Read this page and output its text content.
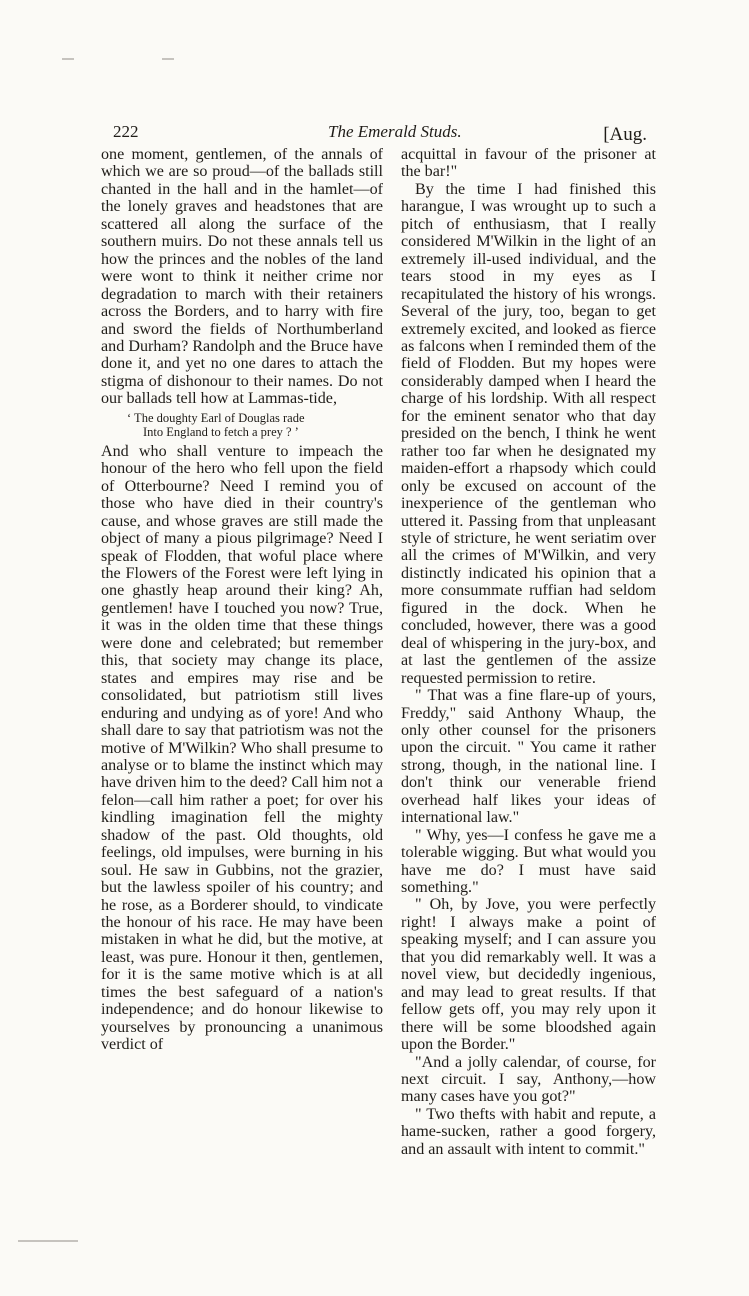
222	The Emerald Studs.	[Aug.

one moment, gentlemen, of the annals of which we are so proud—of the ballads still chanted in the hall and in the hamlet—of the lonely graves and headstones that are scattered all along the surface of the southern muirs. Do not these annals tell us how the princes and the nobles of the land were wont to think it neither crime nor degradation to march with their retainers across the Borders, and to harry with fire and sword the fields of Northumberland and Durham? Randolph and the Bruce have done it, and yet no one dares to attach the stigma of dishonour to their names. Do not our ballads tell how at Lammas-tide,

‘ The doughty Earl of Douglas rade
Into England to fetch a prey ? ’

And who shall venture to impeach the honour of the hero who fell upon the field of Otterbourne? Need I remind you of those who have died in their country's cause, and whose graves are still made the object of many a pious pilgrimage? Need I speak of Flodden, that woful place where the Flowers of the Forest were left lying in one ghastly heap around their king? Ah, gentlemen! have I touched you now? True, it was in the olden time that these things were done and celebrated; but remember this, that society may change its place, states and empires may rise and be consolidated, but patriotism still lives enduring and undying as of yore! And who shall dare to say that patriotism was not the motive of M'Wilkin? Who shall presume to analyse or to blame the instinct which may have driven him to the deed? Call him not a felon—call him rather a poet; for over his kindling imagination fell the mighty shadow of the past. Old thoughts, old feelings, old impulses, were burning in his soul. He saw in Gubbins, not the grazier, but the lawless spoiler of his country; and he rose, as a Borderer should, to vindicate the honour of his race. He may have been mistaken in what he did, but the motive, at least, was pure. Honour it then, gentlemen, for it is the same motive which is at all times the best safeguard of a nation's independence; and do honour likewise to yourselves by pronouncing a unanimous verdict of

acquittal in favour of the prisoner at the bar!"

By the time I had finished this harangue, I was wrought up to such a pitch of enthusiasm, that I really considered M'Wilkin in the light of an extremely ill-used individual, and the tears stood in my eyes as I recapitulated the history of his wrongs. Several of the jury, too, began to get extremely excited, and looked as fierce as falcons when I reminded them of the field of Flodden. But my hopes were considerably damped when I heard the charge of his lordship. With all respect for the eminent senator who that day presided on the bench, I think he went rather too far when he designated my maiden-effort a rhapsody which could only be excused on account of the inexperience of the gentleman who uttered it. Passing from that unpleasant style of stricture, he went seriatim over all the crimes of M'Wilkin, and very distinctly indicated his opinion that a more consummate ruffian had seldom figured in the dock. When he concluded, however, there was a good deal of whispering in the jury-box, and at last the gentlemen of the assize requested permission to retire.

" That was a fine flare-up of yours, Freddy," said Anthony Whaup, the only other counsel for the prisoners upon the circuit. " You came it rather strong, though, in the national line. I don't think our venerable friend overhead half likes your ideas of international law."

" Why, yes—I confess he gave me a tolerable wigging. But what would you have me do? I must have said something."

" Oh, by Jove, you were perfectly right! I always make a point of speaking myself; and I can assure you that you did remarkably well. It was a novel view, but decidedly ingenious, and may lead to great results. If that fellow gets off, you may rely upon it there will be some bloodshed again upon the Border."

"And a jolly calendar, of course, for next circuit. I say, Anthony,—how many cases have you got?"

" Two thefts with habit and repute, a hame-sucken, rather a good forgery, and an assault with intent to commit."
